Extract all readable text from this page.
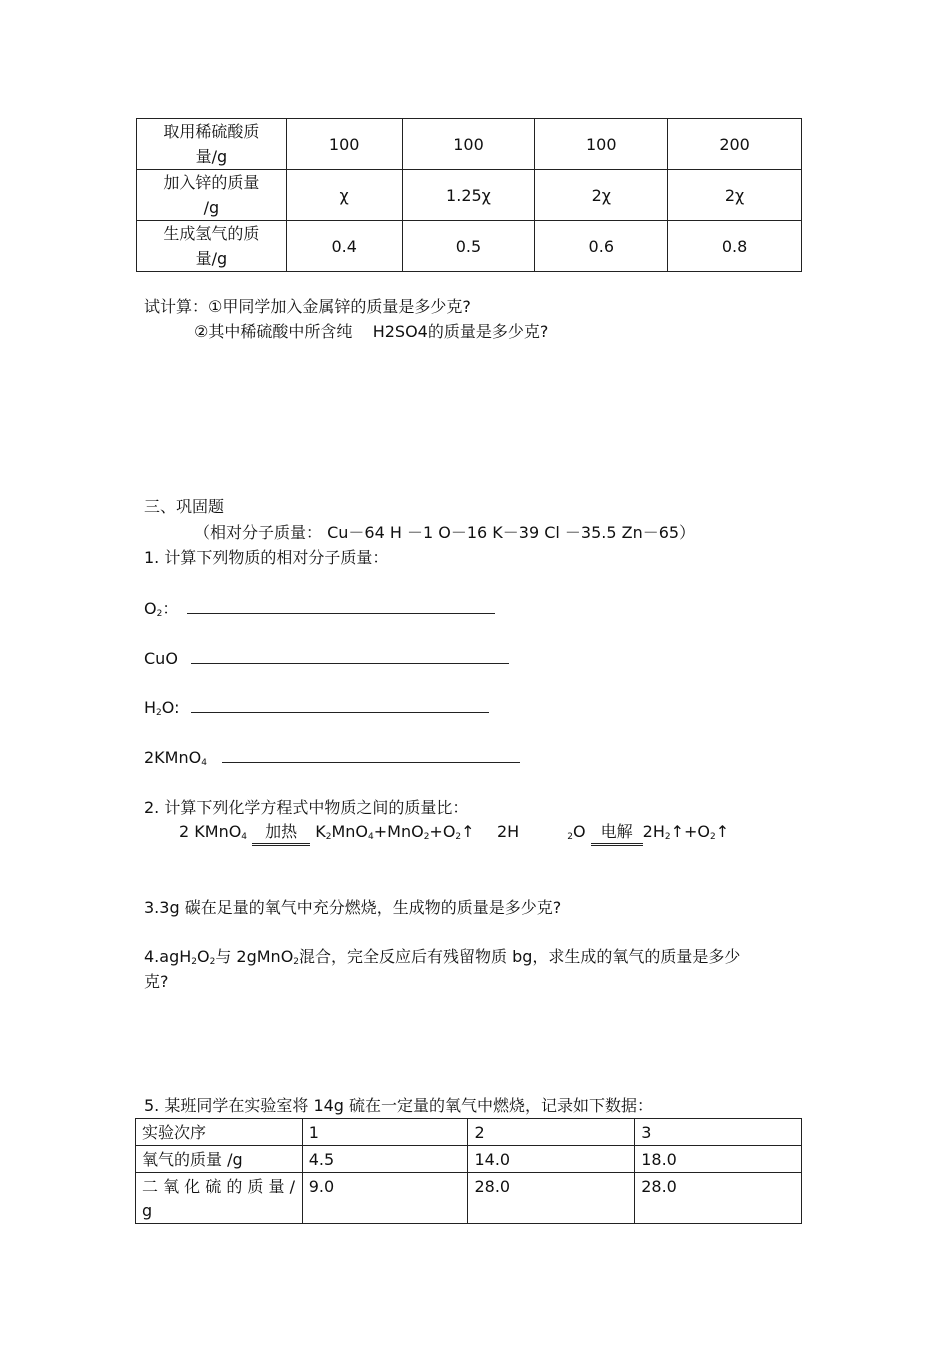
取用稀硫酸质
量/g	100	100	100	200
加入锌的质量
/g	χ	1.25χ	2χ	2χ
生成氢气的质
量/g	0.4	0.5	0.6	0.8
试计算：①甲同学加入金属锌的质量是多少克?
②其中稀硫酸中所含纯 H2SO4的质量是多少克?
三、巩固题
（相对分子质量： Cu－64 H －1 O－16 K－39 Cl －35.5 Zn－65）
1. 计算下列物质的相对分子质量：
$O_2$：
CuO
$H_2O$:
2KMnO$_4$
2. 计算下列化学方程式中物质之间的质量比：
2 KMnO$_4$ 加热 $K_2MnO_4+MnO_2+O_2↑$ 2H	$_2$O 电解 $2H_2↑+O_2↑$
3.3g 碳在足量的氧气中充分燃烧，生成物的质量是多少克?
$4.agH_2O_2$与 2gMnO$_2$混合，完全反应后有残留物质 bg，求生成的氧气的质量是多少
克?
5. 某班同学在实验室将 14g 硫在一定量的氧气中燃烧，记录如下数据：
实验次序	1	2	3
氧气的质量 /g	4.5	14.0	18.0
二 氧 化 硫 的 质 量 /g	9.0	28.0	28.0
